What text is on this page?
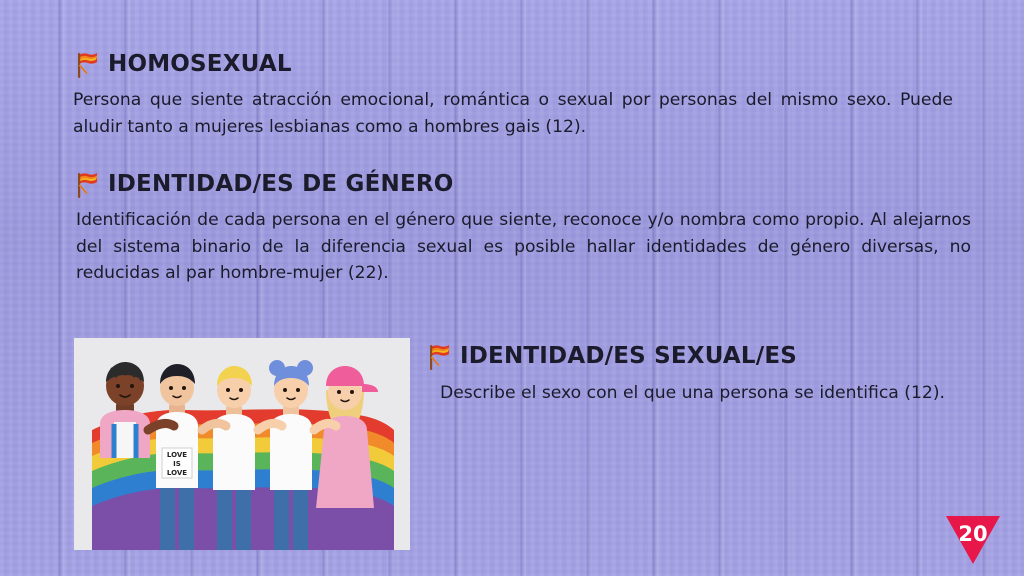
HOMOSEXUAL
Persona que siente atracción emocional, romántica o sexual por personas del mismo sexo. Puede aludir tanto a mujeres lesbianas como a hombres gais (12).
IDENTIDAD/ES DE GÉNERO
Identificación de cada persona en el género que siente, reconoce y/o nombra como propio. Al alejarnos del sistema binario de la diferencia sexual es posible hallar identidades de género diversas, no reducidas al par hombre-mujer (22).
LOVE
IS
LOVE
IDENTIDAD/ES SEXUAL/ES
Describe el sexo con el que una persona se identifica (12).
20
